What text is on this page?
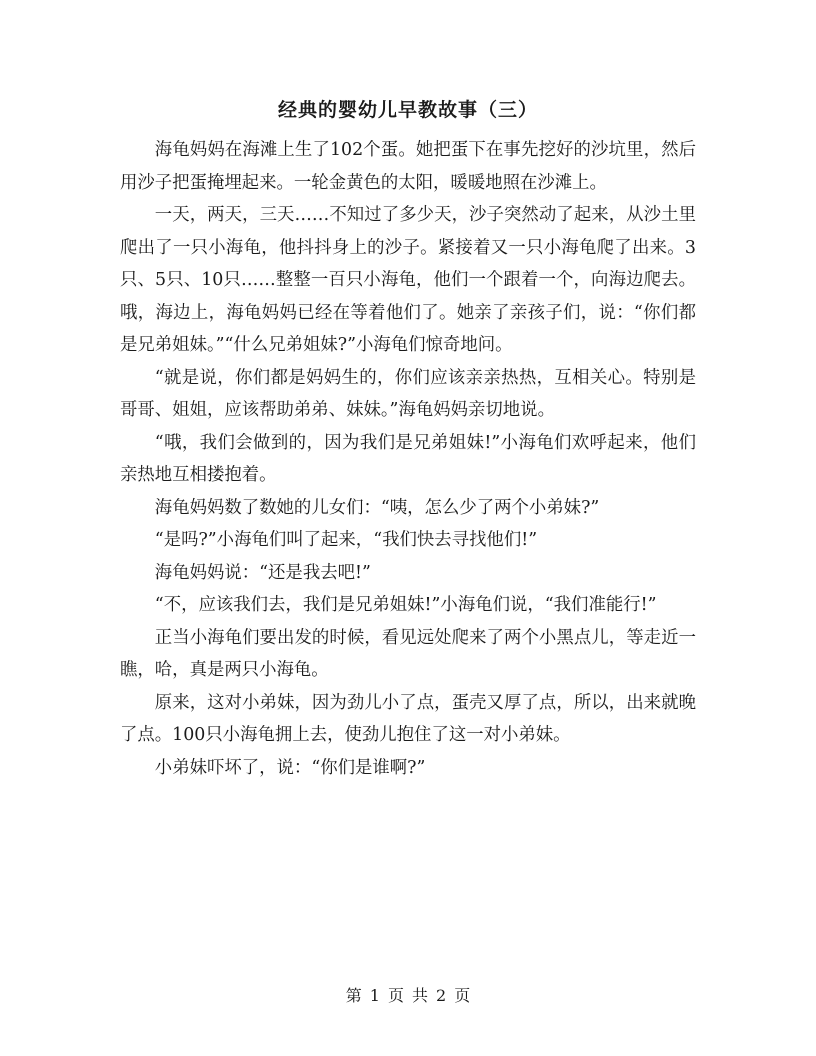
经典的婴幼儿早教故事（三）

海龟妈妈在海滩上生了102个蛋。她把蛋下在事先挖好的沙坑里，然后用沙子把蛋掩埋起来。一轮金黄色的太阳，暖暖地照在沙滩上。

一天，两天，三天……不知过了多少天，沙子突然动了起来，从沙土里爬出了一只小海龟，他抖抖身上的沙子。紧接着又一只小海龟爬了出来。3只、5只、10只……整整一百只小海龟，他们一个跟着一个，向海边爬去。哦，海边上，海龟妈妈已经在等着他们了。她亲了亲孩子们，说：“你们都是兄弟姐妹。”“什么兄弟姐妹?”小海龟们惊奇地问。

“就是说，你们都是妈妈生的，你们应该亲亲热热，互相关心。特别是哥哥、姐姐，应该帮助弟弟、妹妹。”海龟妈妈亲切地说。

“哦，我们会做到的，因为我们是兄弟姐妹!”小海龟们欢呼起来，他们亲热地互相搂抱着。

海龟妈妈数了数她的儿女们：“咦，怎么少了两个小弟妹?”

“是吗?”小海龟们叫了起来，“我们快去寻找他们!”

海龟妈妈说：“还是我去吧!”

“不，应该我们去，我们是兄弟姐妹!”小海龟们说，“我们准能行!”

正当小海龟们要出发的时候，看见远处爬来了两个小黑点儿，等走近一瞧，哈，真是两只小海龟。

原来，这对小弟妹，因为劲儿小了点，蛋壳又厚了点，所以，出来就晚了点。100只小海龟拥上去，使劲儿抱住了这一对小弟妹。

小弟妹吓坏了，说：“你们是谁啊?”

第 1 页 共 2 页
